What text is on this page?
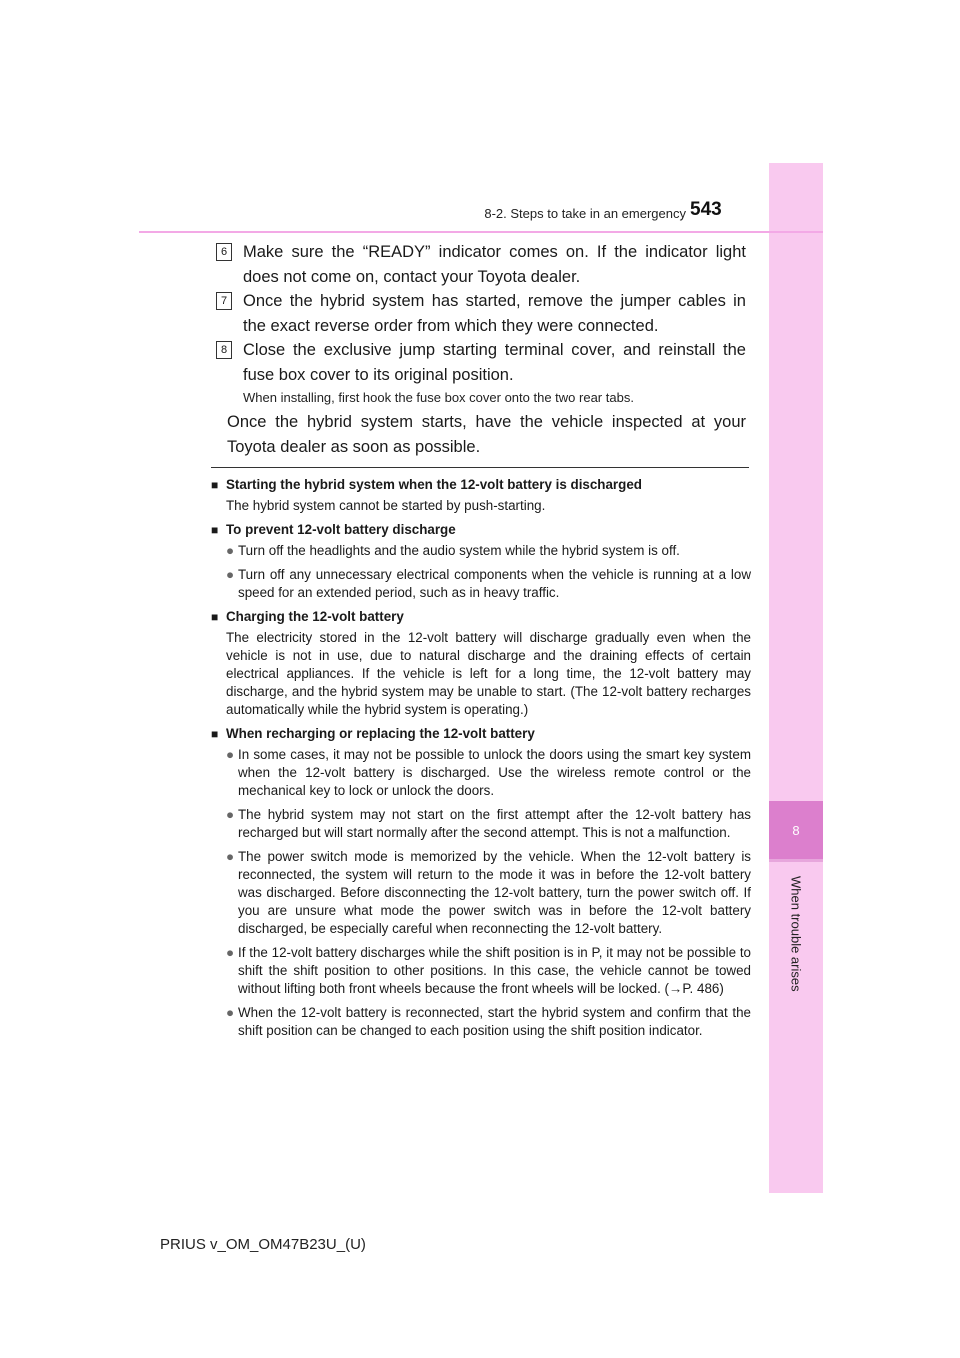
8
When trouble arises
8-2. Steps to take in an emergency 543
6 Make sure the “READY” indicator comes on. If the indicator light does not come on, contact your Toyota dealer.
7 Once the hybrid system has started, remove the jumper cables in the exact reverse order from which they were connected.
8 Close the exclusive jump starting terminal cover, and reinstall the fuse box cover to its original position.
When installing, first hook the fuse box cover onto the two rear tabs.
Once the hybrid system starts, have the vehicle inspected at your Toyota dealer as soon as possible.
■ Starting the hybrid system when the 12-volt battery is discharged
The hybrid system cannot be started by push-starting.
■ To prevent 12-volt battery discharge
● Turn off the headlights and the audio system while the hybrid system is off.
● Turn off any unnecessary electrical components when the vehicle is running at a low speed for an extended period, such as in heavy traffic.
■ Charging the 12-volt battery
The electricity stored in the 12-volt battery will discharge gradually even when the vehicle is not in use, due to natural discharge and the draining effects of certain electrical appliances. If the vehicle is left for a long time, the 12-volt battery may discharge, and the hybrid system may be unable to start. (The 12-volt battery recharges automatically while the hybrid system is operating.)
■ When recharging or replacing the 12-volt battery
● In some cases, it may not be possible to unlock the doors using the smart key system when the 12-volt battery is discharged. Use the wireless remote control or the mechanical key to lock or unlock the doors.
● The hybrid system may not start on the first attempt after the 12-volt battery has recharged but will start normally after the second attempt. This is not a malfunction.
● The power switch mode is memorized by the vehicle. When the 12-volt battery is reconnected, the system will return to the mode it was in before the 12-volt battery was discharged. Before disconnecting the 12-volt battery, turn the power switch off. If you are unsure what mode the power switch was in before the 12-volt battery discharged, be especially careful when reconnecting the 12-volt battery.
● If the 12-volt battery discharges while the shift position is in P, it may not be possible to shift the shift position to other positions. In this case, the vehicle cannot be towed without lifting both front wheels because the front wheels will be locked. (→P. 486)
● When the 12-volt battery is reconnected, start the hybrid system and confirm that the shift position can be changed to each position using the shift position indicator.
PRIUS v_OM_OM47B23U_(U)
